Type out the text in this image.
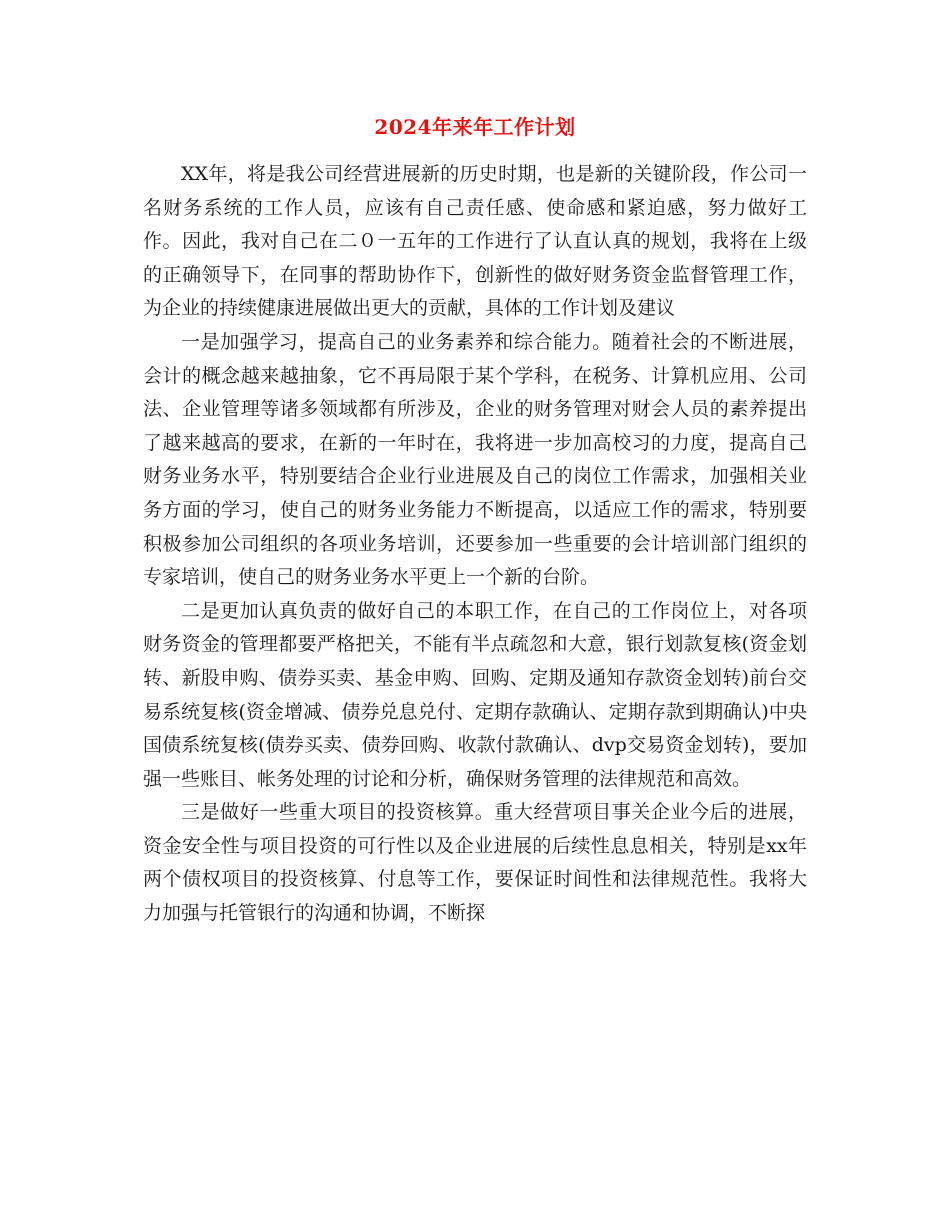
2024年来年工作计划

XX年，将是我公司经营进展新的历史时期，也是新的关键阶段，作公司一名财务系统的工作人员，应该有自己责任感、使命感和紧迫感，努力做好工作。因此，我对自己在二０一五年的工作进行了认直认真的规划，我将在上级的正确领导下，在同事的帮助协作下，创新性的做好财务资金监督管理工作，为企业的持续健康进展做出更大的贡献，具体的工作计划及建议

一是加强学习，提高自己的业务素养和综合能力。随着社会的不断进展，会计的概念越来越抽象，它不再局限于某个学科，在税务、计算机应用、公司法、企业管理等诸多领域都有所涉及，企业的财务管理对财会人员的素养提出了越来越高的要求，在新的一年时在，我将进一步加高校习的力度，提高自己财务业务水平，特别要结合企业行业进展及自己的岗位工作需求，加强相关业务方面的学习，使自己的财务业务能力不断提高，以适应工作的需求，特别要积极参加公司组织的各项业务培训，还要参加一些重要的会计培训部门组织的专家培训，使自己的财务业务水平更上一个新的台阶。

二是更加认真负责的做好自己的本职工作，在自己的工作岗位上，对各项财务资金的管理都要严格把关，不能有半点疏忽和大意，银行划款复核(资金划转、新股申购、债券买卖、基金申购、回购、定期及通知存款资金划转)前台交易系统复核(资金增减、债券兑息兑付、定期存款确认、定期存款到期确认)中央国债系统复核(债券买卖、债券回购、收款付款确认、dvp交易资金划转)，要加强一些账目、帐务处理的讨论和分析，确保财务管理的法律规范和高效。

三是做好一些重大项目的投资核算。重大经营项目事关企业今后的进展，资金安全性与项目投资的可行性以及企业进展的后续性息息相关，特别是xx年两个债权项目的投资核算、付息等工作，要保证时间性和法律规范性。我将大力加强与托管银行的沟通和协调，不断探
